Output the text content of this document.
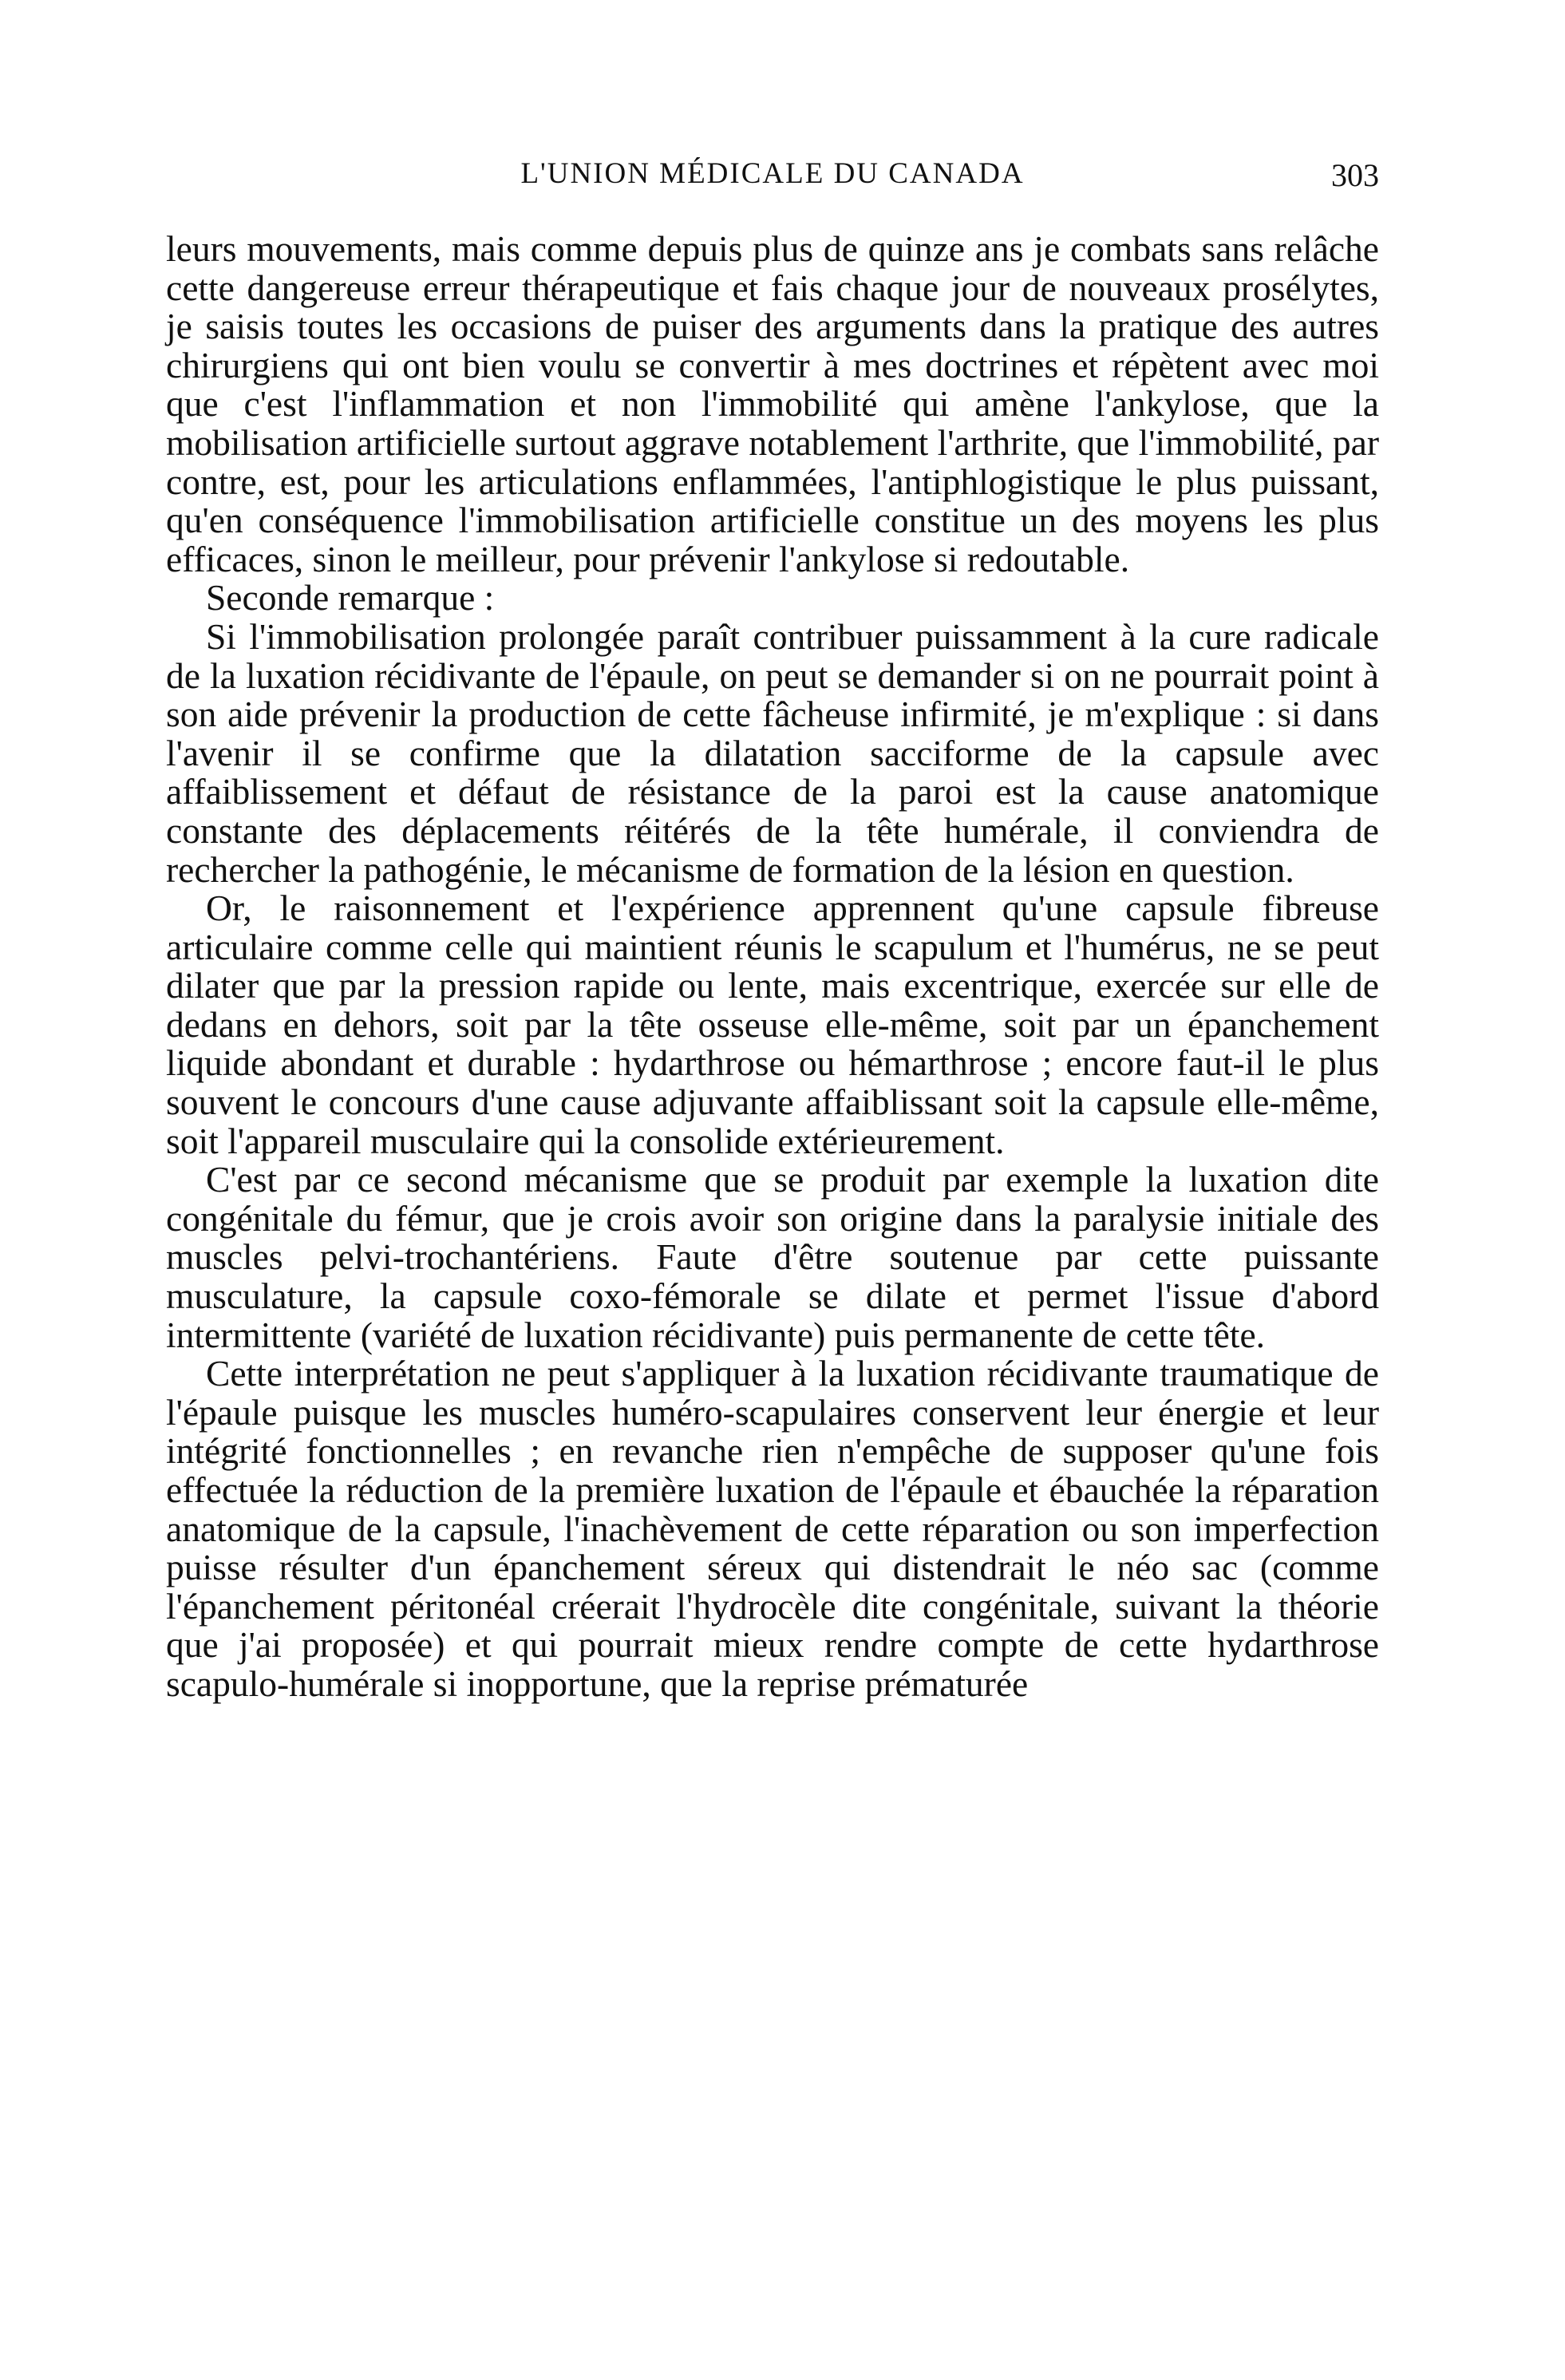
L'UNION MÉDICALE DU CANADA	303

leurs mouvements, mais comme depuis plus de quinze ans je combats sans relâche cette dangereuse erreur thérapeutique et fais chaque jour de nouveaux prosélytes, je saisis toutes les occasions de puiser des arguments dans la pratique des autres chirurgiens qui ont bien voulu se convertir à mes doctrines et répètent avec moi que c'est l'inflammation et non l'immobilité qui amène l'ankylose, que la mobilisation artificielle surtout aggrave notablement l'arthrite, que l'immobilité, par contre, est, pour les articulations enflammées, l'antiphlogistique le plus puissant, qu'en conséquence l'immobilisation artificielle constitue un des moyens les plus efficaces, sinon le meilleur, pour prévenir l'ankylose si redoutable.

Seconde remarque :

Si l'immobilisation prolongée paraît contribuer puissamment à la cure radicale de la luxation récidivante de l'épaule, on peut se demander si on ne pourrait point à son aide prévenir la production de cette fâcheuse infirmité, je m'explique : si dans l'avenir il se confirme que la dilatation sacciforme de la capsule avec affaiblissement et défaut de résistance de la paroi est la cause anatomique constante des déplacements réitérés de la tête humérale, il conviendra de rechercher la pathogénie, le mécanisme de formation de la lésion en question.

Or, le raisonnement et l'expérience apprennent qu'une capsule fibreuse articulaire comme celle qui maintient réunis le scapulum et l'humérus, ne se peut dilater que par la pression rapide ou lente, mais excentrique, exercée sur elle de dedans en dehors, soit par la tête osseuse elle-même, soit par un épanchement liquide abondant et durable : hydarthrose ou hémarthrose ; encore faut-il le plus souvent le concours d'une cause adjuvante affaiblissant soit la capsule elle-même, soit l'appareil musculaire qui la consolide extérieurement.

C'est par ce second mécanisme que se produit par exemple la luxation dite congénitale du fémur, que je crois avoir son origine dans la paralysie initiale des muscles pelvi-trochantériens. Faute d'être soutenue par cette puissante musculature, la capsule coxo-fémorale se dilate et permet l'issue d'abord intermittente (variété de luxation récidivante) puis permanente de cette tête.

Cette interprétation ne peut s'appliquer à la luxation récidivante traumatique de l'épaule puisque les muscles huméro-scapulaires conservent leur énergie et leur intégrité fonctionnelles ; en revanche rien n'empêche de supposer qu'une fois effectuée la réduction de la première luxation de l'épaule et ébauchée la réparation anatomique de la capsule, l'inachèvement de cette réparation ou son imperfection puisse résulter d'un épanchement séreux qui distendrait le néo sac (comme l'épanchement péritonéal créerait l'hydrocèle dite congénitale, suivant la théorie que j'ai proposée) et qui pourrait mieux rendre compte de cette hydarthrose scapulo-humérale si inopportune, que la reprise prématurée
